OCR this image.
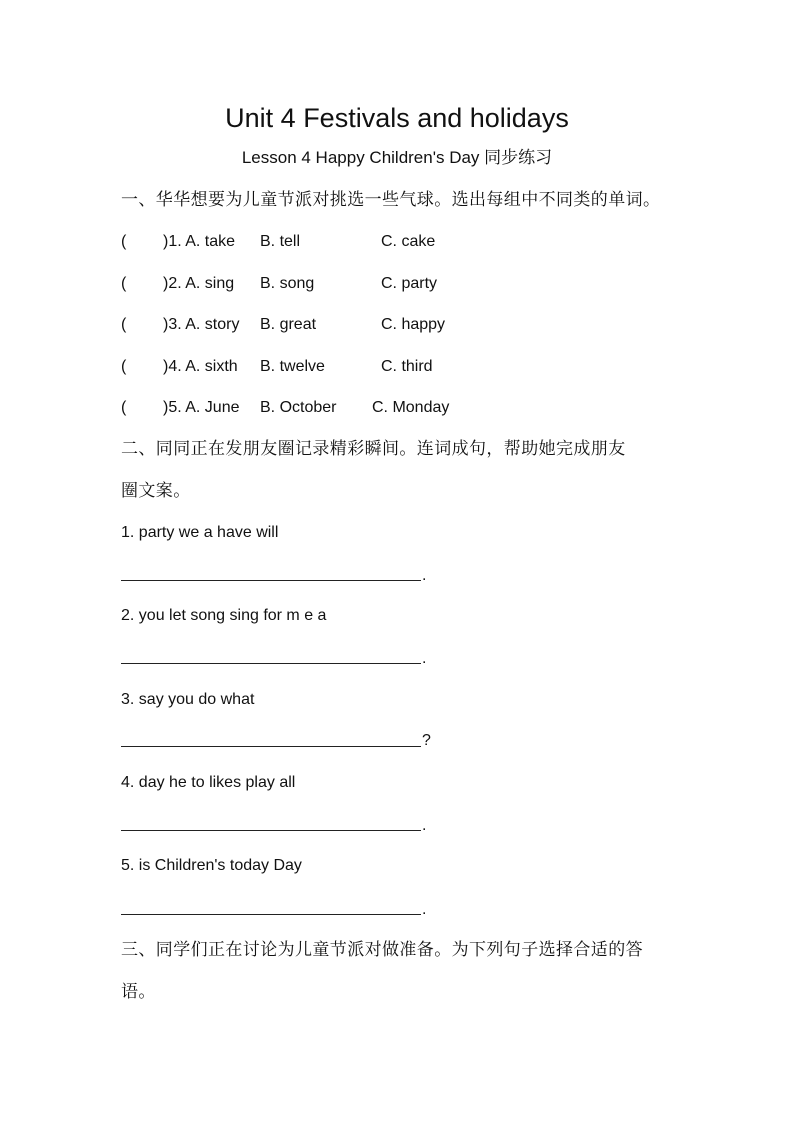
Unit 4 Festivals and holidays
Lesson 4 Happy Children's Day 同步练习
一、华华想要为儿童节派对挑选一些气球。选出每组中不同类的单词。
( )1. A. take B. tell	C. cake
( )2. A. sing B. song	C. party
( )3. A. story B. great	C. happy
( )4. A. sixth B. twelve	C. third
( )5. A. June B. October C. Monday
二、同同正在发朋友圈记录精彩瞬间。连词成句，帮助她完成朋友
圈文案。
1. party we a have will
.
2. you let song sing for m e a
.
3. say you do what
?
4. day he to likes play all
.
5. is Children's today Day
.
三、同学们正在讨论为儿童节派对做准备。为下列句子选择合适的答
语。
